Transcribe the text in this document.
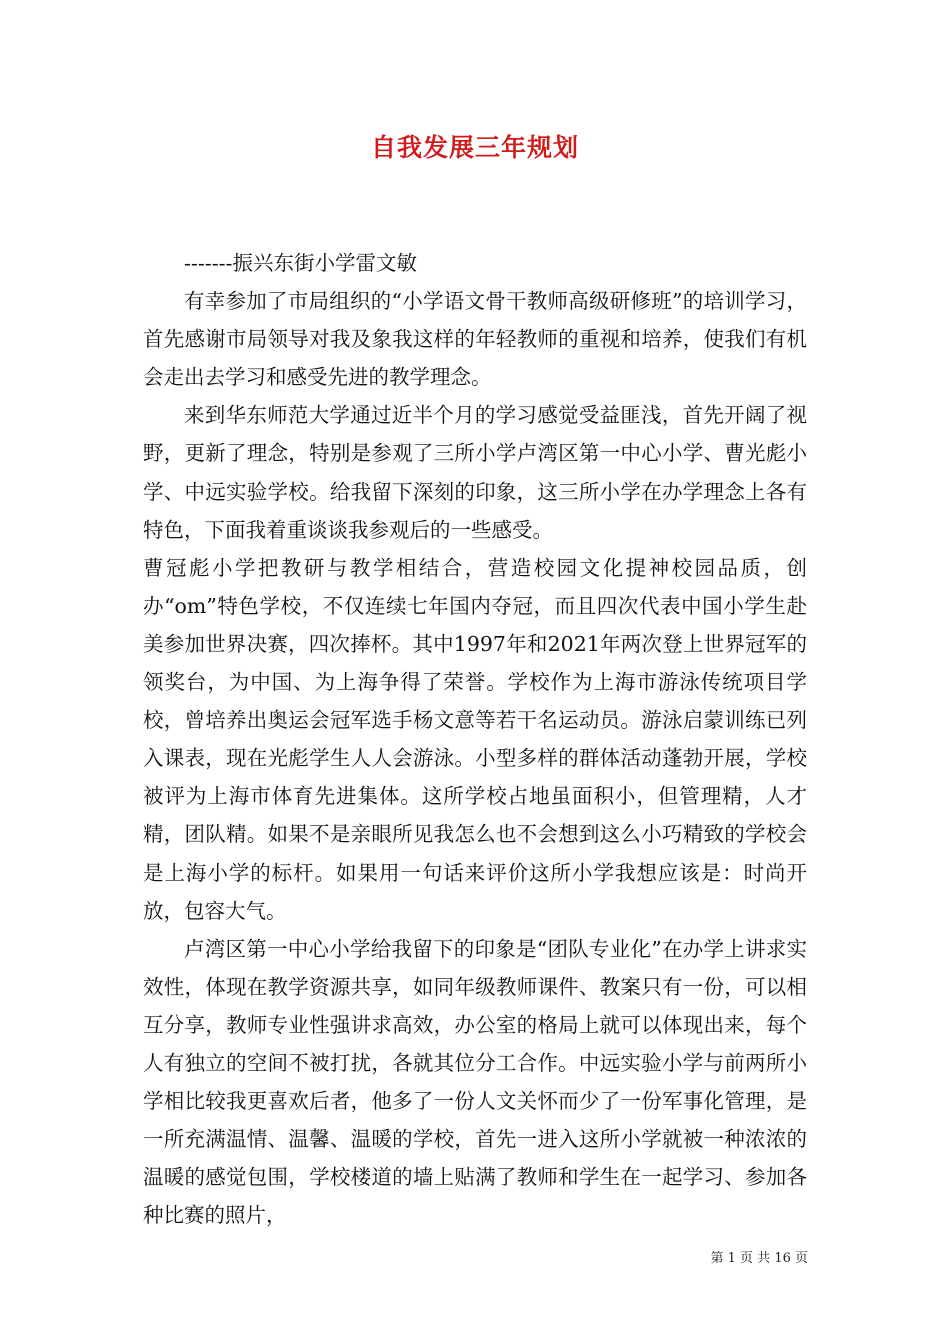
自我发展三年规划

-------振兴东街小学雷文敏

有幸参加了市局组织的“小学语文骨干教师高级研修班”的培训学习，首先感谢市局领导对我及象我这样的年轻教师的重视和培养，使我们有机会走出去学习和感受先进的教学理念。

来到华东师范大学通过近半个月的学习感觉受益匪浅，首先开阔了视野，更新了理念，特别是参观了三所小学卢湾区第一中心小学、曹光彪小学、中远实验学校。给我留下深刻的印象，这三所小学在办学理念上各有特色，下面我着重谈谈我参观后的一些感受。

曹冠彪小学把教研与教学相结合，营造校园文化提神校园品质，创办“om”特色学校，不仅连续七年国内夺冠，而且四次代表中国小学生赴美参加世界决赛，四次捧杯。其中1997年和2021年两次登上世界冠军的领奖台，为中国、为上海争得了荣誉。学校作为上海市游泳传统项目学校，曾培养出奥运会冠军选手杨文意等若干名运动员。游泳启蒙训练已列入课表，现在光彪学生人人会游泳。小型多样的群体活动蓬勃开展，学校被评为上海市体育先进集体。这所学校占地虽面积小，但管理精，人才精，团队精。如果不是亲眼所见我怎么也不会想到这么小巧精致的学校会是上海小学的标杆。如果用一句话来评价这所小学我想应该是：时尚开放，包容大气。

卢湾区第一中心小学给我留下的印象是“团队专业化”在办学上讲求实效性，体现在教学资源共享，如同年级教师课件、教案只有一份，可以相互分享，教师专业性强讲求高效，办公室的格局上就可以体现出来，每个人有独立的空间不被打扰，各就其位分工合作。中远实验小学与前两所小学相比较我更喜欢后者，他多了一份人文关怀而少了一份军事化管理，是一所充满温情、温馨、温暖的学校，首先一进入这所小学就被一种浓浓的温暖的感觉包围，学校楼道的墙上贴满了教师和学生在一起学习、参加各种比赛的照片，

第 1 页 共 16 页
